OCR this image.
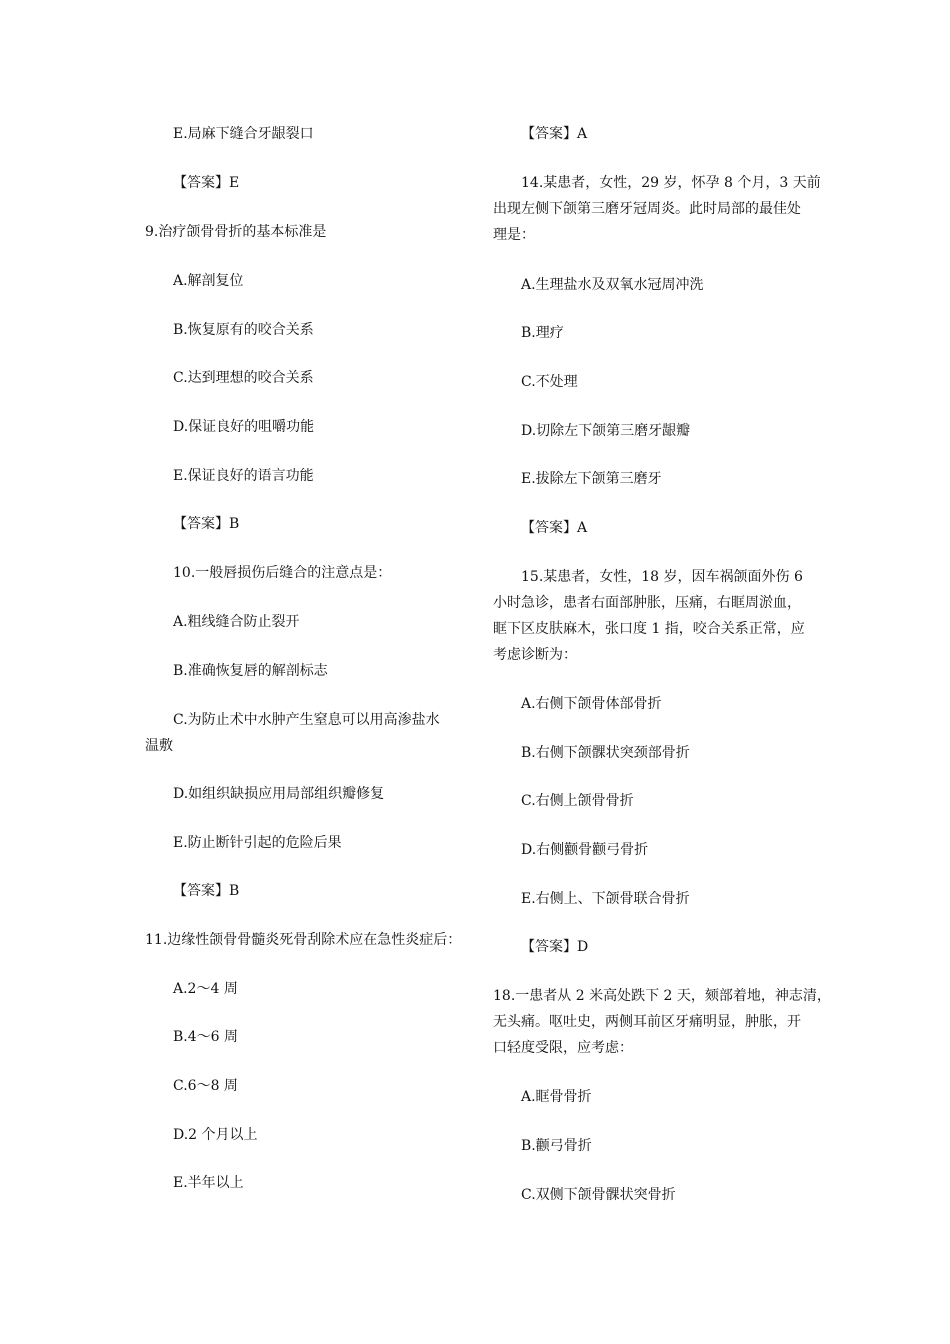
E.局麻下缝合牙龈裂口
【答案】E
9.治疗颌骨骨折的基本标准是
A.解剖复位
B.恢复原有的咬合关系
C.达到理想的咬合关系
D.保证良好的咀嚼功能
E.保证良好的语言功能
【答案】B
10.一般唇损伤后缝合的注意点是：
A.粗线缝合防止裂开
B.准确恢复唇的解剖标志
C.为防止术中水肿产生窒息可以用高渗盐水
温敷
D.如组织缺损应用局部组织瓣修复
E.防止断针引起的危险后果
【答案】B
11.边缘性颌骨骨髓炎死骨刮除术应在急性炎症后：
A.2～4 周
B.4～6 周
C.6～8 周
D.2 个月以上
E.半年以上
【答案】A
14.某患者，女性，29 岁，怀孕 8 个月，3 天前
出现左侧下颌第三磨牙冠周炎。此时局部的最佳处
理是：
A.生理盐水及双氧水冠周冲洗
B.理疗
C.不处理
D.切除左下颌第三磨牙龈瓣
E.拔除左下颌第三磨牙
【答案】A
15.某患者，女性，18 岁，因车祸颌面外伤 6
小时急诊，患者右面部肿胀，压痛，右眶周淤血，
眶下区皮肤麻木，张口度 1 指，咬合关系正常，应
考虑诊断为：
A.右侧下颌骨体部骨折
B.右侧下颌髁状突颈部骨折
C.右侧上颌骨骨折
D.右侧颧骨颧弓骨折
E.右侧上、下颌骨联合骨折
【答案】D
18.一患者从 2 米高处跌下 2 天，颏部着地，神志清，
无头痛。呕吐史，两侧耳前区牙痛明显，肿胀，开
口轻度受限，应考虑：
A.眶骨骨折
B.颧弓骨折
C.双侧下颌骨髁状突骨折
